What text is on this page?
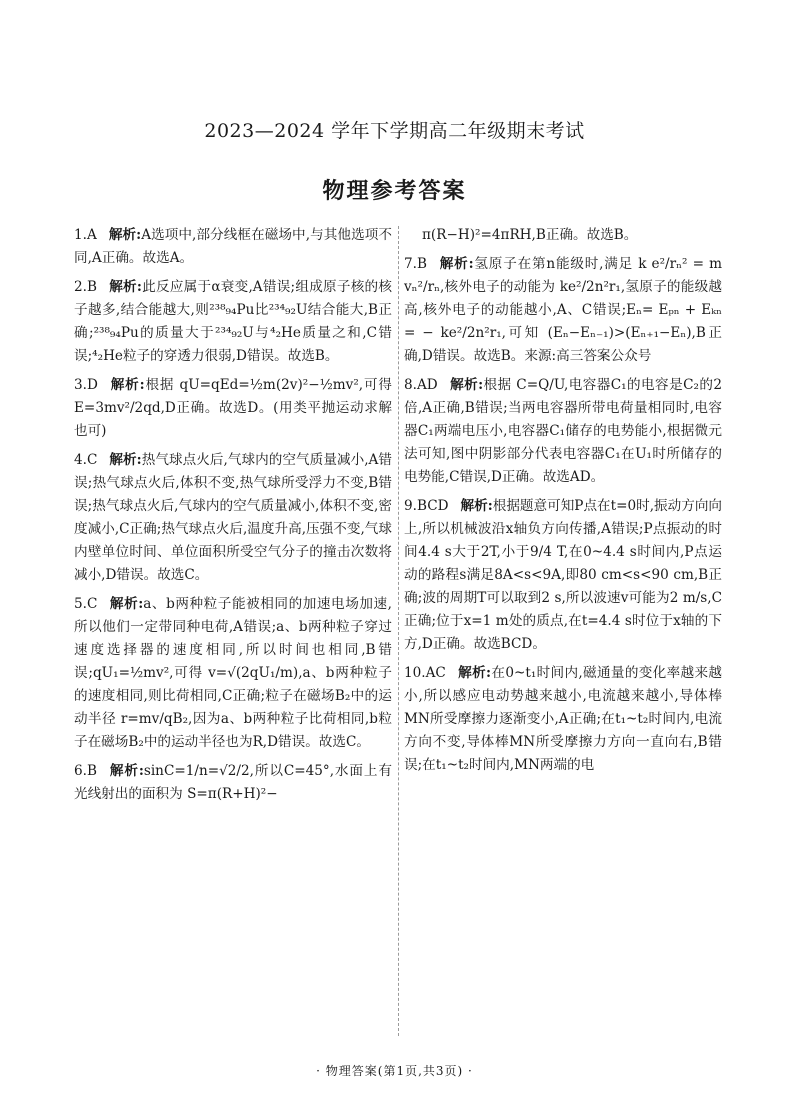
2023—2024 学年下学期高二年级期末考试
物理参考答案
1.A 解析:A选项中,部分线框在磁场中,与其他选项不同,A正确。故选A。
2.B 解析:此反应属于α衰变,A错误;组成原子核的核子越多,结合能越大,则²³⁸₉₄Pu比²³⁴₉₂U结合能大,B正确;²³⁸₉₄Pu的质量大于²³⁴₉₂U与⁴₂He质量之和,C错误;⁴₂He粒子的穿透力很弱,D错误。故选B。
3.D 解析:根据 qU=qEd=½m(2v)²−½mv²,可得 E=3mv²/2qd,D正确。故选D。(用类平抛运动求解也可)
4.C 解析:热气球点火后,气球内的空气质量减小,A错误;热气球点火后,体积不变,热气球所受浮力不变,B错误;热气球点火后,气球内的空气质量减小,体积不变,密度减小,C正确;热气球点火后,温度升高,压强不变,气球内壁单位时间、单位面积所受空气分子的撞击次数将减小,D错误。故选C。
5.C 解析:a、b两种粒子能被相同的加速电场加速,所以他们一定带同种电荷,A错误;a、b两种粒子穿过速度选择器的速度相同,所以时间也相同,B错误;qU₁=½mv²,可得 v=√(2qU₁/m),a、b两种粒子的速度相同,则比荷相同,C正确;粒子在磁场B₂中的运动半径 r=mv/qB₂,因为a、b两种粒子比荷相同,b粒子在磁场B₂中的运动半径也为R,D错误。故选C。
6.B 解析:sinC=1/n=√2/2,所以C=45°,水面上有光线射出的面积为 S=π(R+H)²−
π(R−H)²=4πRH,B正确。故选B。
7.B 解析:氢原子在第n能级时,满足 k e²/rₙ² = m vₙ²/rₙ,核外电子的动能为 ke²/2n²r₁,氢原子的能级越高,核外电子的动能越小,A、C错误;Eₙ= Eₚₙ + Eₖₙ = − ke²/2n²r₁,可知 (Eₙ−Eₙ₋₁)>(Eₙ₊₁−Eₙ),B正确,D错误。故选B。来源:高三答案公众号
8.AD 解析:根据 C=Q/U,电容器C₁的电容是C₂的2倍,A正确,B错误;当两电容器所带电荷量相同时,电容器C₁两端电压小,电容器C₁储存的电势能小,根据微元法可知,图中阴影部分代表电容器C₁在U₁时所储存的电势能,C错误,D正确。故选AD。
9.BCD 解析:根据题意可知P点在t=0时,振动方向向上,所以机械波沿x轴负方向传播,A错误;P点振动的时间4.4 s大于2T,小于9/4 T,在0~4.4 s时间内,P点运动的路程s满足8A<s<9A,即80 cm<s<90 cm,B正确;波的周期T可以取到2 s,所以波速v可能为2 m/s,C正确;位于x=1 m处的质点,在t=4.4 s时位于x轴的下方,D正确。故选BCD。
10.AC 解析:在0~t₁时间内,磁通量的变化率越来越小,所以感应电动势越来越小,电流越来越小,导体棒MN所受摩擦力逐渐变小,A正确;在t₁~t₂时间内,电流方向不变,导体棒MN所受摩擦力方向一直向右,B错误;在t₁~t₂时间内,MN两端的电
· 物理答案(第1页,共3页) ·
